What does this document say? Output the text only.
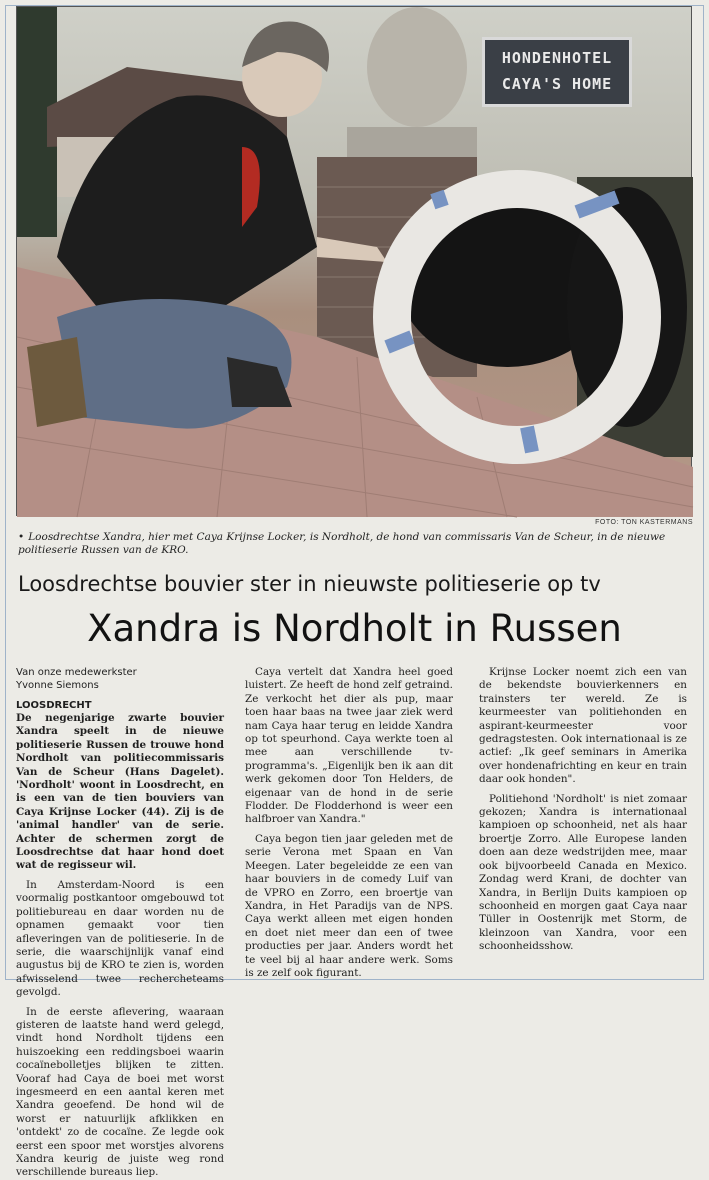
HONDENHOTEL
CAYA'S HOME
FOTO: TON KASTERMANS
• Loosdrechtse Xandra, hier met Caya Krijnse Locker, is Nordholt, de hond van commissaris Van de Scheur, in de nieuwe politieserie Russen van de KRO.
Loosdrechtse bouvier ster in nieuwste politieserie op tv
Xandra is Nordholt in Russen
Van onze medewerkster
Yvonne Siemons
LOOSDRECHT

De negenjarige zwarte bouvier Xandra speelt in de nieuwe politieserie Russen de trouwe hond Nordholt van politiecommissaris Van de Scheur (Hans Dagelet). 'Nordholt' woont in Loosdrecht, en is een van de tien bouviers van Caya Krijnse Locker (44). Zij is de 'animal handler' van de serie. Achter de schermen zorgt de Loosdrechtse dat haar hond doet wat de regisseur wil.

In Amsterdam-Noord is een voormalig postkantoor omgebouwd tot politiebureau en daar worden nu de opnamen gemaakt voor tien afleveringen van de politieserie. In de serie, die waarschijnlijk vanaf eind augustus bij de KRO te zien is, worden afwisselend twee rechercheteams gevolgd.

In de eerste aflevering, waaraan gisteren de laatste hand werd gelegd, vindt hond Nordholt tijdens een huiszoeking een reddingsboei waarin cocaïnebolletjes blijken te zitten. Vooraf had Caya de boei met worst ingesmeerd en een aantal keren met Xandra geoefend. De hond wil de worst er natuurlijk afklikken en 'ontdekt' zo de cocaïne. Ze legde ook eerst een spoor met worstjes alvorens Xandra keurig de juiste weg rond verschillende bureaus liep.

Caya vertelt dat Xandra heel goed luistert. Ze heeft de hond zelf getraind. Ze verkocht het dier als pup, maar toen haar baas na twee jaar ziek werd nam Caya haar terug en leidde Xandra op tot speurhond. Caya werkte toen al mee aan verschillende tv-programma's. „Eigenlijk ben ik aan dit werk gekomen door Ton Helders, de eigenaar van de hond in de serie Flodder. De Flodderhond is weer een halfbroer van Xandra."

Caya begon tien jaar geleden met de serie Verona met Spaan en Van Meegen. Later begeleidde ze een van haar bouviers in de comedy Luif van de VPRO en Zorro, een broertje van Xandra, in Het Paradijs van de NPS. Caya werkt alleen met eigen honden en doet niet meer dan een of twee producties per jaar. Anders wordt het te veel bij al haar andere werk. Soms is ze zelf ook figurant.

Krijnse Locker noemt zich een van de bekendste bouvierkenners en trainsters ter wereld. Ze is keurmeester van politiehonden en aspirant-keurmeester voor gedragstesten. Ook internationaal is ze actief: „Ik geef seminars in Amerika over hondenafrichting en keur en train daar ook honden".

Politiehond 'Nordholt' is niet zomaar gekozen; Xandra is internationaal kampioen op schoonheid, net als haar broertje Zorro. Alle Europese landen doen aan deze wedstrijden mee, maar ook bijvoorbeeld Canada en Mexico. Zondag werd Krani, de dochter van Xandra, in Berlijn Duits kampioen op schoonheid en morgen gaat Caya naar Tüller in Oostenrijk met Storm, de kleinzoon van Xandra, voor een schoonheidsshow.
